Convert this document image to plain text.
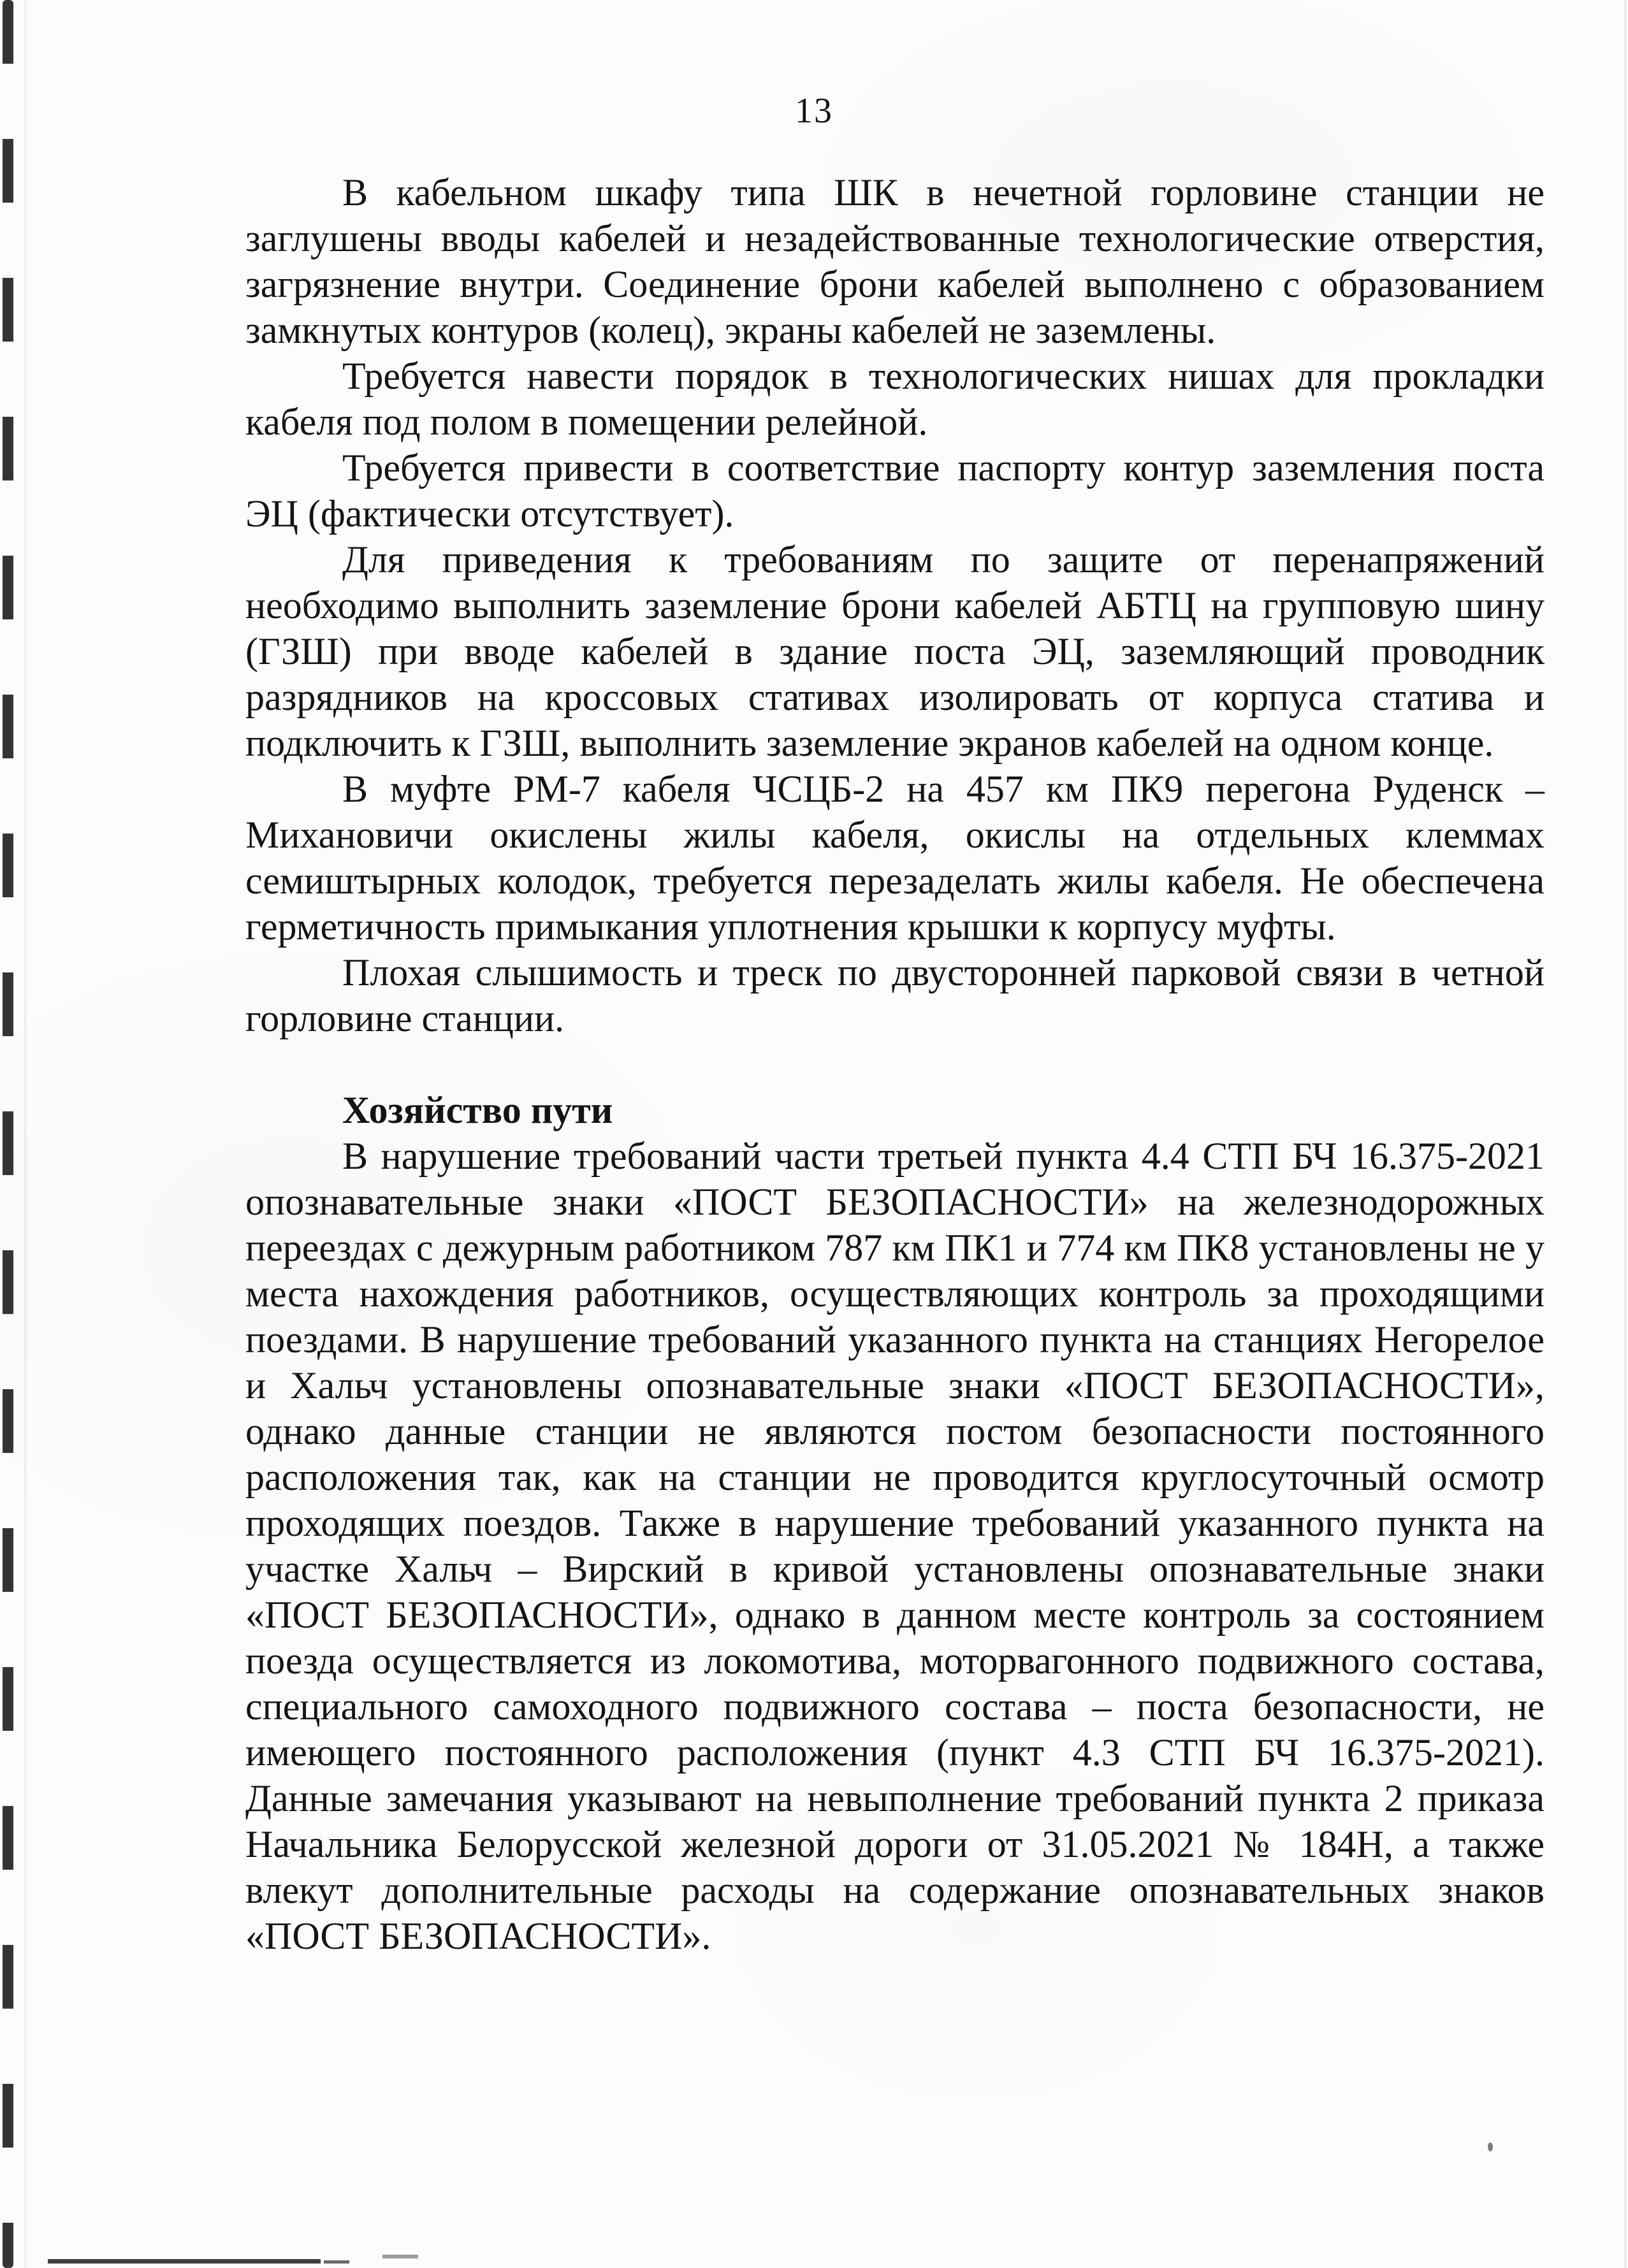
13

В кабельном шкафу типа ШК в нечетной горловине станции не заглушены вводы кабелей и незадействованные технологические отверстия, загрязнение внутри. Соединение брони кабелей выполнено с образованием замкнутых контуров (колец), экраны кабелей не заземлены.

Требуется навести порядок в технологических нишах для прокладки кабеля под полом в помещении релейной.

Требуется привести в соответствие паспорту контур заземления поста ЭЦ (фактически отсутствует).

Для приведения к требованиям по защите от перенапряжений необходимо выполнить заземление брони кабелей АБТЦ на групповую шину (ГЗШ) при вводе кабелей в здание поста ЭЦ, заземляющий проводник разрядников на кроссовых стативах изолировать от корпуса статива и подключить к ГЗШ, выполнить заземление экранов кабелей на одном конце.

В муфте РМ-7 кабеля ЧСЦБ-2 на 457 км ПК9 перегона Руденск – Михановичи окислены жилы кабеля, окислы на отдельных клеммах семиштырных колодок, требуется перезаделать жилы кабеля. Не обеспечена герметичность примыкания уплотнения крышки к корпусу муфты.

Плохая слышимость и треск по двусторонней парковой связи в четной горловине станции.

Хозяйство пути

В нарушение требований части третьей пункта 4.4 СТП БЧ 16.375-2021 опознавательные знаки «ПОСТ БЕЗОПАСНОСТИ» на железнодорожных переездах с дежурным работником 787 км ПК1 и 774 км ПК8 установлены не у места нахождения работников, осуществляющих контроль за проходящими поездами. В нарушение требований указанного пункта на станциях Негорелое и Хальч установлены опознавательные знаки «ПОСТ БЕЗОПАСНОСТИ», однако данные станции не являются постом безопасности постоянного расположения так, как на станции не проводится круглосуточный осмотр проходящих поездов. Также в нарушение требований указанного пункта на участке Хальч – Вирский в кривой установлены опознавательные знаки «ПОСТ БЕЗОПАСНОСТИ», однако в данном месте контроль за состоянием поезда осуществляется из локомотива, моторвагонного подвижного состава, специального самоходного подвижного состава – поста безопасности, не имеющего постоянного расположения (пункт 4.3 СТП БЧ 16.375-2021). Данные замечания указывают на невыполнение требований пункта 2 приказа Начальника Белорусской железной дороги от 31.05.2021 № 184Н, а также влекут дополнительные расходы на содержание опознавательных знаков «ПОСТ БЕЗОПАСНОСТИ».
